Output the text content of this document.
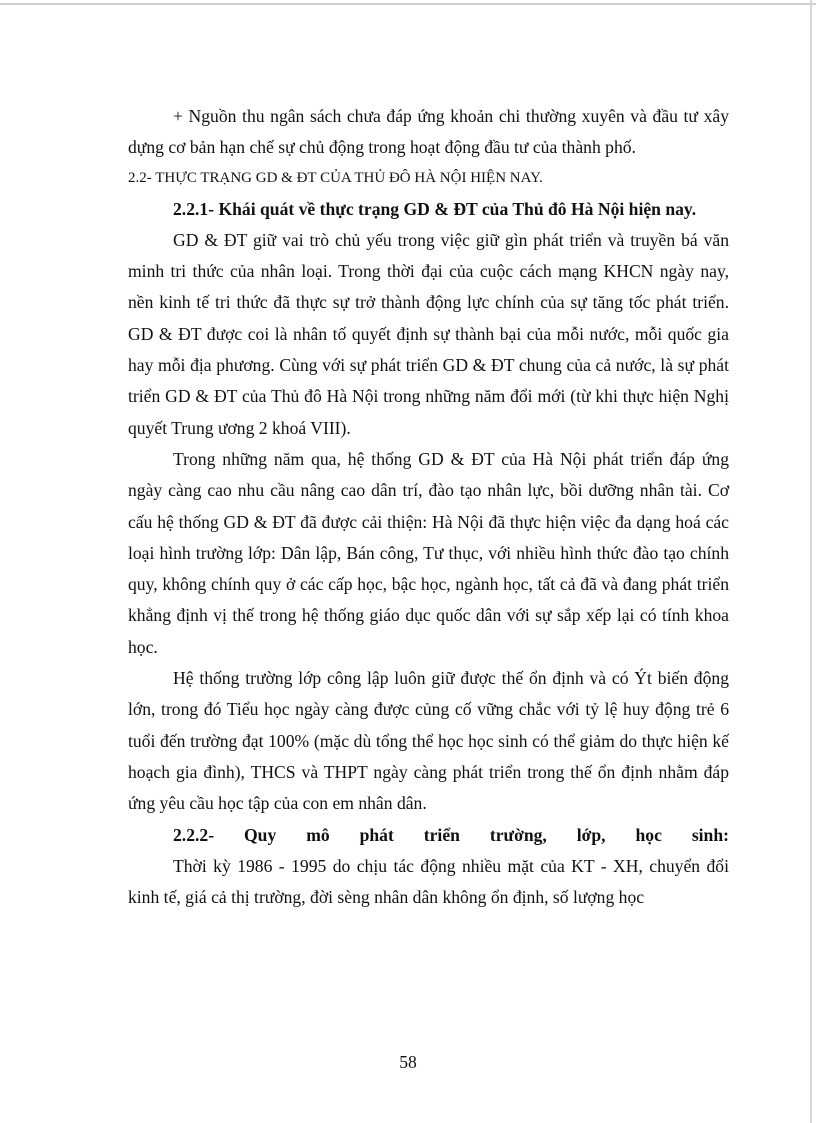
+ Nguồn thu ngân sách chưa đáp ứng khoản chi thường xuyên và đầu tư xây dựng cơ bản hạn chế sự chủ động trong hoạt động đầu tư của thành phố.

2.2- THỰC TRẠNG GD & ĐT CỦA THỦ ĐÔ HÀ NỘI HIỆN NAY.

2.2.1- Khái quát về thực trạng GD & ĐT của Thủ đô Hà Nội hiện nay.

GD & ĐT giữ vai trò chủ yếu trong việc giữ gìn phát triển và truyền bá văn minh tri thức của nhân loại. Trong thời đại của cuộc cách mạng KHCN ngày nay, nền kinh tế tri thức đã thực sự trở thành động lực chính của sự tăng tốc phát triển. GD & ĐT được coi là nhân tố quyết định sự thành bại của mỗi nước, mỗi quốc gia hay mỗi địa phương. Cùng với sự phát triển GD & ĐT chung của cả nước, là sự phát triển GD & ĐT của Thủ đô Hà Nội trong những năm đổi mới (từ khi thực hiện Nghị quyết Trung ương 2 khoá VIII).

Trong những năm qua, hệ thống GD & ĐT của Hà Nội phát triển đáp ứng ngày càng cao nhu cầu nâng cao dân trí, đào tạo nhân lực, bồi dưỡng nhân tài. Cơ cấu hệ thống GD & ĐT đã được cải thiện: Hà Nội đã thực hiện việc đa dạng hoá các loại hình trường lớp: Dân lập, Bán công, Tư thục, với nhiều hình thức đào tạo chính quy, không chính quy ở các cấp học, bậc học, ngành học, tất cả đã và đang phát triển khẳng định vị thế trong hệ thống giáo dục quốc dân với sự sắp xếp lại có tính khoa học.

Hệ thống trường lớp công lập luôn giữ được thế ổn định và có Ýt biến động lớn, trong đó Tiểu học ngày càng được củng cố vững chắc với tỷ lệ huy động trẻ 6 tuổi đến trường đạt 100% (mặc dù tổng thể học học sinh có thể giảm do thực hiện kế hoạch gia đình), THCS và THPT ngày càng phát triển trong thế ổn định nhằm đáp ứng yêu cầu học tập của con em nhân dân.

2.2.2- Quy mô phát triển trường, lớp, học sinh:

Thời kỳ 1986 - 1995 do chịu tác động nhiều mặt của KT - XH, chuyển đổi kinh tế, giá cả thị trường, đời sèng nhân dân không ổn định, số lượng học

58
